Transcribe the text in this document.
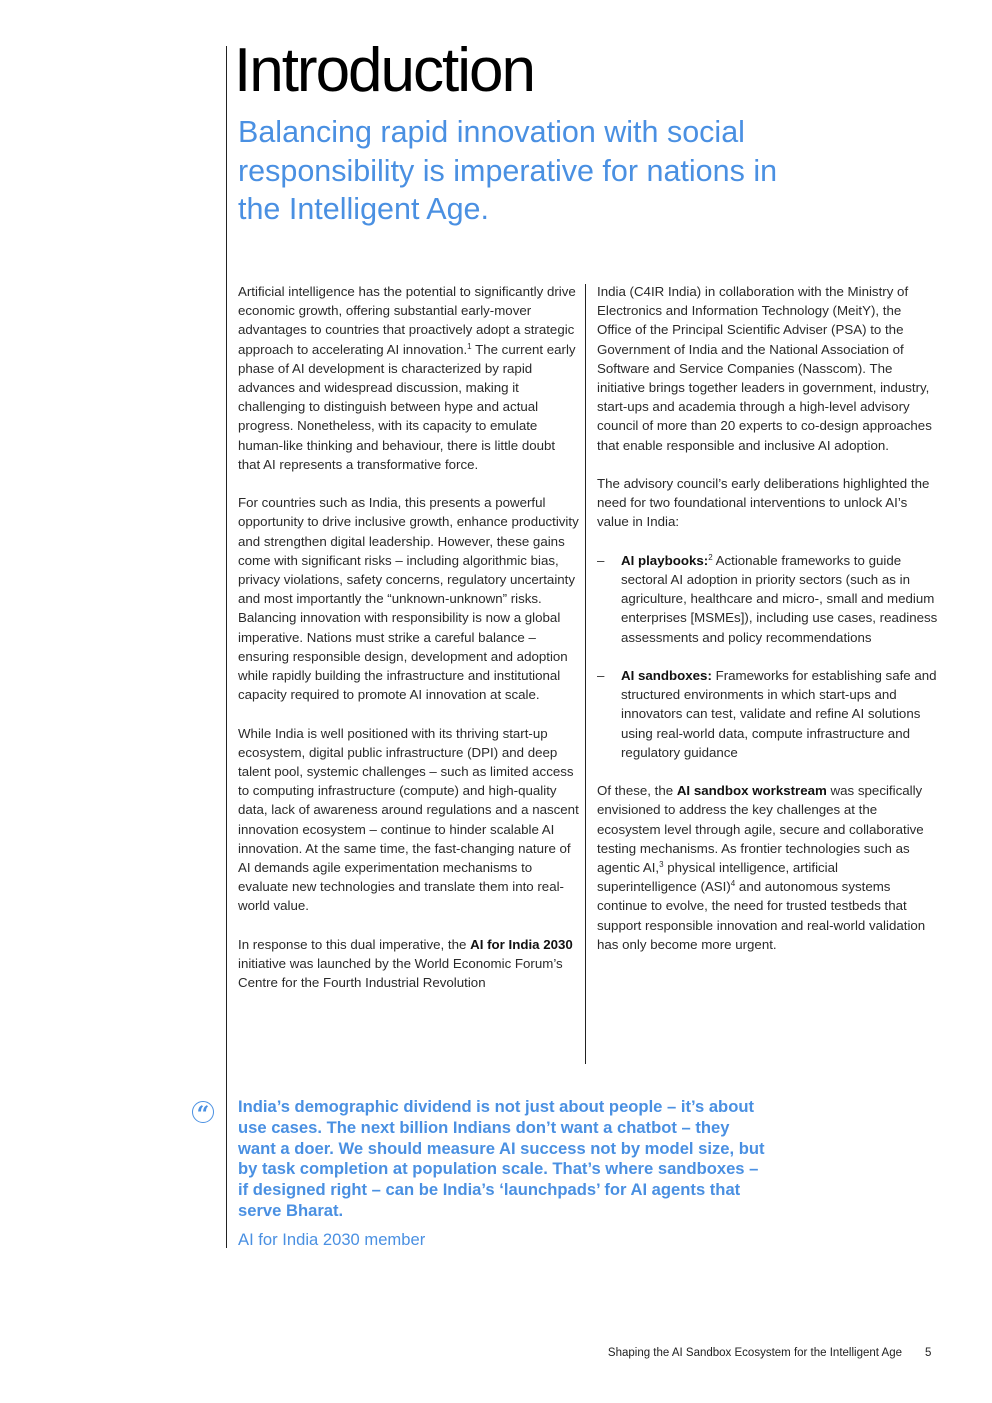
Introduction

Balancing rapid innovation with social responsibility is imperative for nations in the Intelligent Age.

Artificial intelligence has the potential to significantly drive economic growth, offering substantial early-mover advantages to countries that proactively adopt a strategic approach to accelerating AI innovation.$^1$ The current early phase of AI development is characterized by rapid advances and widespread discussion, making it challenging to distinguish between hype and actual progress. Nonetheless, with its capacity to emulate human-like thinking and behaviour, there is little doubt that AI represents a transformative force.

For countries such as India, this presents a powerful opportunity to drive inclusive growth, enhance productivity and strengthen digital leadership. However, these gains come with significant risks – including algorithmic bias, privacy violations, safety concerns, regulatory uncertainty and most importantly the “unknown-unknown” risks. Balancing innovation with responsibility is now a global imperative. Nations must strike a careful balance – ensuring responsible design, development and adoption while rapidly building the infrastructure and institutional capacity required to promote AI innovation at scale.

While India is well positioned with its thriving start-up ecosystem, digital public infrastructure (DPI) and deep talent pool, systemic challenges – such as limited access to computing infrastructure (compute) and high-quality data, lack of awareness around regulations and a nascent innovation ecosystem – continue to hinder scalable AI innovation. At the same time, the fast-changing nature of AI demands agile experimentation mechanisms to evaluate new technologies and translate them into real-world value.

In response to this dual imperative, the AI for India 2030 initiative was launched by the World Economic Forum’s Centre for the Fourth Industrial Revolution

India (C4IR India) in collaboration with the Ministry of Electronics and Information Technology (MeitY), the Office of the Principal Scientific Adviser (PSA) to the Government of India and the National Association of Software and Service Companies (Nasscom). The initiative brings together leaders in government, industry, start-ups and academia through a high-level advisory council of more than 20 experts to co-design approaches that enable responsible and inclusive AI adoption.

The advisory council’s early deliberations highlighted the need for two foundational interventions to unlock AI’s value in India:

– AI playbooks:$^2$ Actionable frameworks to guide sectoral AI adoption in priority sectors (such as in agriculture, healthcare and micro-, small and medium enterprises [MSMEs]), including use cases, readiness assessments and policy recommendations
– AI sandboxes: Frameworks for establishing safe and structured environments in which start-ups and innovators can test, validate and refine AI solutions using real-world data, compute infrastructure and regulatory guidance

Of these, the AI sandbox workstream was specifically envisioned to address the key challenges at the ecosystem level through agile, secure and collaborative testing mechanisms. As frontier technologies such as agentic AI,$^3$ physical intelligence, artificial superintelligence (ASI)$^4$ and autonomous systems continue to evolve, the need for trusted testbeds that support responsible innovation and real-world validation has only become more urgent.

“ India’s demographic dividend is not just about people – it’s about use cases. The next billion Indians don’t want a chatbot – they want a doer. We should measure AI success not by model size, but by task completion at population scale. That’s where sandboxes – if designed right – can be India’s ‘launchpads’ for AI agents that serve Bharat.

AI for India 2030 member

Shaping the AI Sandbox Ecosystem for the Intelligent Age 5
